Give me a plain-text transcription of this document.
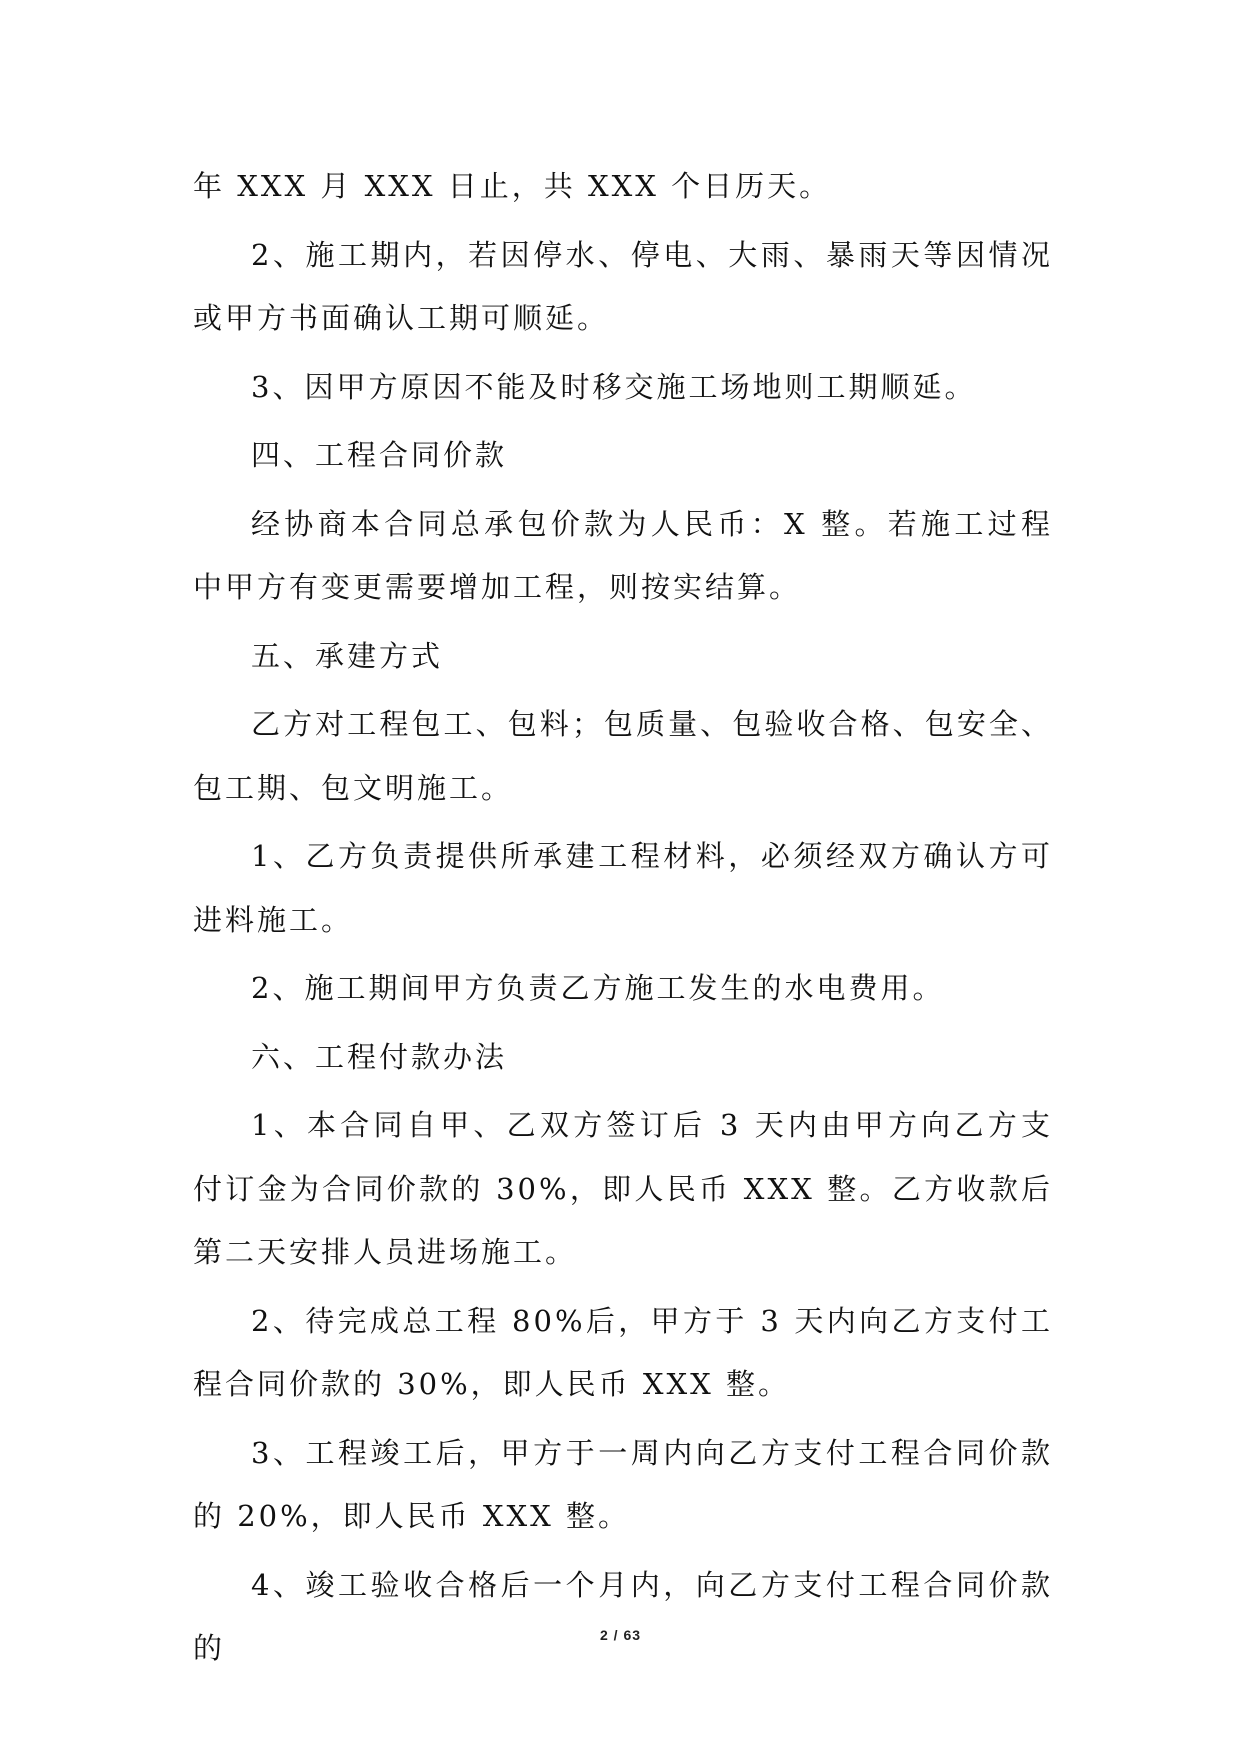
年 XXX 月 XXX 日止，共 XXX 个日历天。

2、施工期内，若因停水、停电、大雨、暴雨天等因情况或甲方书面确认工期可顺延。

3、因甲方原因不能及时移交施工场地则工期顺延。

四、工程合同价款

经协商本合同总承包价款为人民币：X 整。若施工过程中甲方有变更需要增加工程，则按实结算。

五、承建方式

乙方对工程包工、包料；包质量、包验收合格、包安全、包工期、包文明施工。

1、乙方负责提供所承建工程材料，必须经双方确认方可进料施工。

2、施工期间甲方负责乙方施工发生的水电费用。

六、工程付款办法

1、本合同自甲、乙双方签订后 3 天内由甲方向乙方支付订金为合同价款的 30%，即人民币 XXX 整。乙方收款后第二天安排人员进场施工。

2、待完成总工程 80%后，甲方于 3 天内向乙方支付工程合同价款的 30%，即人民币 XXX 整。

3、工程竣工后，甲方于一周内向乙方支付工程合同价款的 20%，即人民币 XXX 整。

4、竣工验收合格后一个月内，向乙方支付工程合同价款的	2 / 63
